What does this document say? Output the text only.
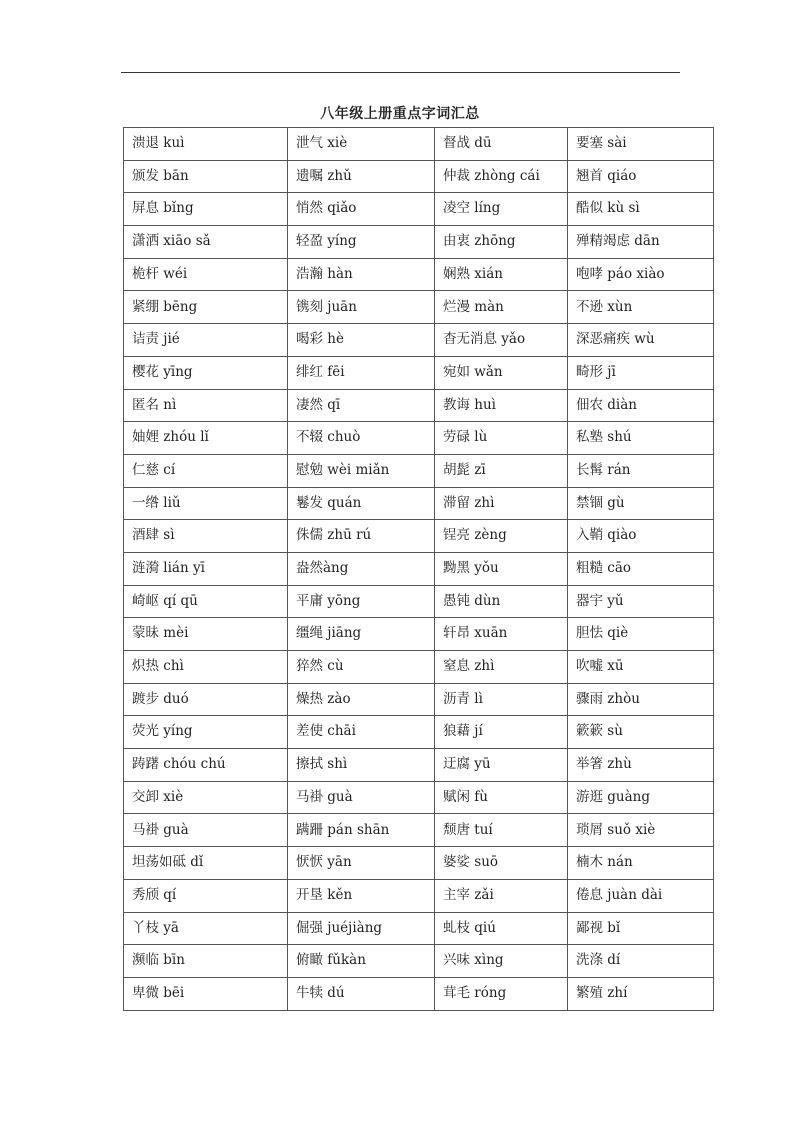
八年级上册重点字词汇总
溃退 kuì	泄气 xiè	督战 dū	要塞 sài
颁发 bān	遗嘱 zhǔ	仲裁 zhòng cái	翘首 qiáo
屏息 bǐng	悄然 qiǎo	凌空 líng	酷似 kù sì
潇洒 xiāo sǎ	轻盈 yíng	由衷 zhōng	殚精竭虑 dān
桅杆 wéi	浩瀚 hàn	娴熟 xián	咆哮 páo xiào
紧绷 bēng	镌刻 juān	烂漫 màn	不逊 xùn
诘责 jié	喝彩 hè	杳无消息 yǎo	深恶痛疾 wù
樱花 yīng	绯红 fēi	宛如 wǎn	畸形 jī
匿名 nì	凄然 qī	教诲 huì	佃农 diàn
妯娌 zhóu lǐ	不辍 chuò	劳碌 lù	私塾 shú
仁慈 cí	慰勉 wèi miǎn	胡髭 zī	长髯 rán
一绺 liǔ	鬈发 quán	滞留 zhì	禁锢 gù
酒肆 sì	侏儒 zhū rú	锃亮 zèng	入鞘 qiào
涟漪 lián yī	盎然àng	黝黑 yǒu	粗糙 cāo
崎岖 qí qū	平庸 yōng	愚钝 dùn	器宇 yǔ
蒙昧 mèi	缰绳 jiāng	轩昂 xuān	胆怯 qiè
炽热 chì	猝然 cù	窒息 zhì	吹嘘 xū
踱步 duó	燥热 zào	沥青 lì	骤雨 zhòu
荧光 yíng	差使 chāi	狼藉 jí	簌簌 sù
踌躇 chóu chú	擦拭 shì	迂腐 yū	举箸 zhù
交卸 xiè	马褂 guà	赋闲 fù	游逛 guàng
马褂 guà	蹒跚 pán shān	颓唐 tuí	琐屑 suǒ xiè
坦荡如砥 dǐ	恹恹 yān	婆娑 suō	楠木 nán
秀颀 qí	开垦 kěn	主宰 zǎi	倦息 juàn dài
丫枝 yā	倔强 juéjiàng	虬枝 qiú	鄙视 bǐ
濒临 bīn	俯瞰 fǔkàn	兴味 xìng	洗涤 dí
卑微 bēi	牛犊 dú	茸毛 róng	繁殖 zhí
